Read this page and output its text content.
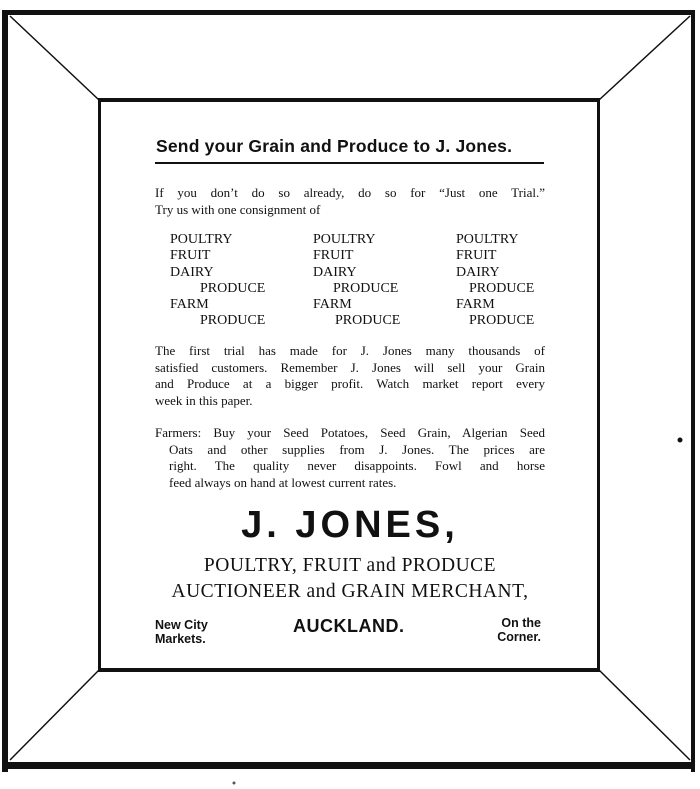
Send your Grain and Produce to J. Jones.
If you don’t do so already, do so for “Just one Trial.”
Try us with one consignment of
POULTRY
FRUIT
DAIRY
PRODUCE
FARM
PRODUCE
POULTRY
FRUIT
DAIRY
PRODUCE
FARM
PRODUCE
POULTRY
FRUIT
DAIRY
PRODUCE
FARM
PRODUCE
The first trial has made for J. Jones many thousands of
satisfied customers. Remember J. Jones will sell your Grain
and Produce at a bigger profit. Watch market report every
week in this paper.
Farmers: Buy your Seed Potatoes, Seed Grain, Algerian Seed
Oats and other supplies from J. Jones. The prices are
right. The quality never disappoints. Fowl and horse
feed always on hand at lowest current rates.
J. JONES,
POULTRY, FRUIT and PRODUCE
AUCTIONEER and GRAIN MERCHANT,
New City
Markets.
AUCKLAND.	On the
Corner.
